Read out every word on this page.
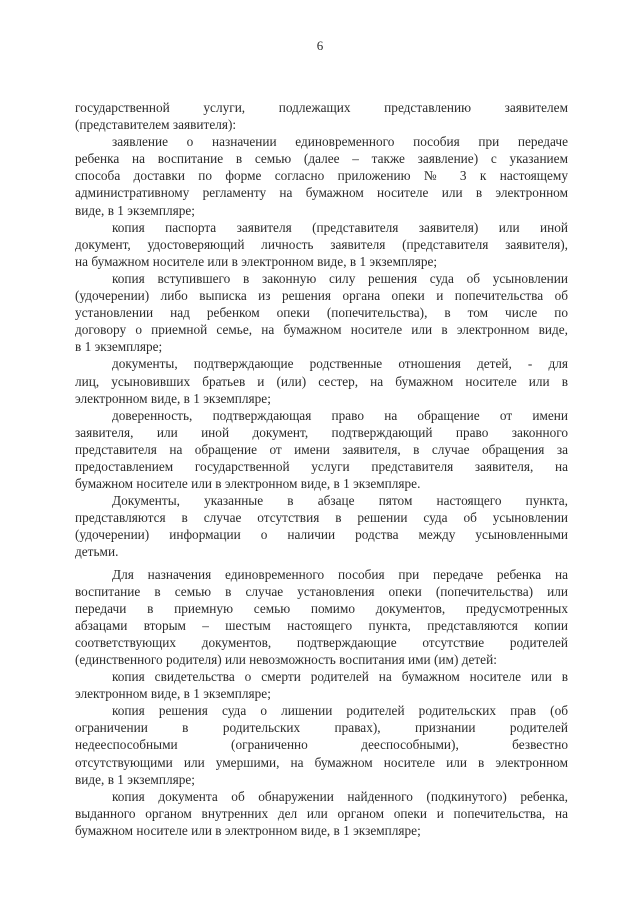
6
государственной услуги, подлежащих представлению заявителем
(представителем заявителя):
заявление о назначении единовременного пособия при передаче
ребенка на воспитание в семью (далее – также заявление) с указанием
способа доставки по форме согласно приложению № 3 к настоящему
административному регламенту на бумажном носителе или в электронном
виде, в 1 экземпляре;
копия паспорта заявителя (представителя заявителя) или иной
документ, удостоверяющий личность заявителя (представителя заявителя),
на бумажном носителе или в электронном виде, в 1 экземпляре;
копия вступившего в законную силу решения суда об усыновлении
(удочерении) либо выписка из решения органа опеки и попечительства об
установлении над ребенком опеки (попечительства), в том числе по
договору о приемной семье, на бумажном носителе или в электронном виде,
в 1 экземпляре;
документы, подтверждающие родственные отношения детей, - для
лиц, усыновивших братьев и (или) сестер, на бумажном носителе или в
электронном виде, в 1 экземпляре;
доверенность, подтверждающая право на обращение от имени
заявителя, или иной документ, подтверждающий право законного
представителя на обращение от имени заявителя, в случае обращения за
предоставлением государственной услуги представителя заявителя, на
бумажном носителе или в электронном виде, в 1 экземпляре.
Документы, указанные в абзаце пятом настоящего пункта,
представляются в случае отсутствия в решении суда об усыновлении
(удочерении) информации о наличии родства между усыновленными
детьми.
Для назначения единовременного пособия при передаче ребенка на
воспитание в семью в случае установления опеки (попечительства) или
передачи в приемную семью помимо документов, предусмотренных
абзацами вторым – шестым настоящего пункта, представляются копии
соответствующих документов, подтверждающие отсутствие родителей
(единственного родителя) или невозможность воспитания ими (им) детей:
копия свидетельства о смерти родителей на бумажном носителе или в
электронном виде, в 1 экземпляре;
копия решения суда о лишении родителей родительских прав (об
ограничении в родительских правах), признании родителей
недееспособными (ограниченно дееспособными), безвестно
отсутствующими или умершими, на бумажном носителе или в электронном
виде, в 1 экземпляре;
копия документа об обнаружении найденного (подкинутого) ребенка,
выданного органом внутренних дел или органом опеки и попечительства, на
бумажном носителе или в электронном виде, в 1 экземпляре;
